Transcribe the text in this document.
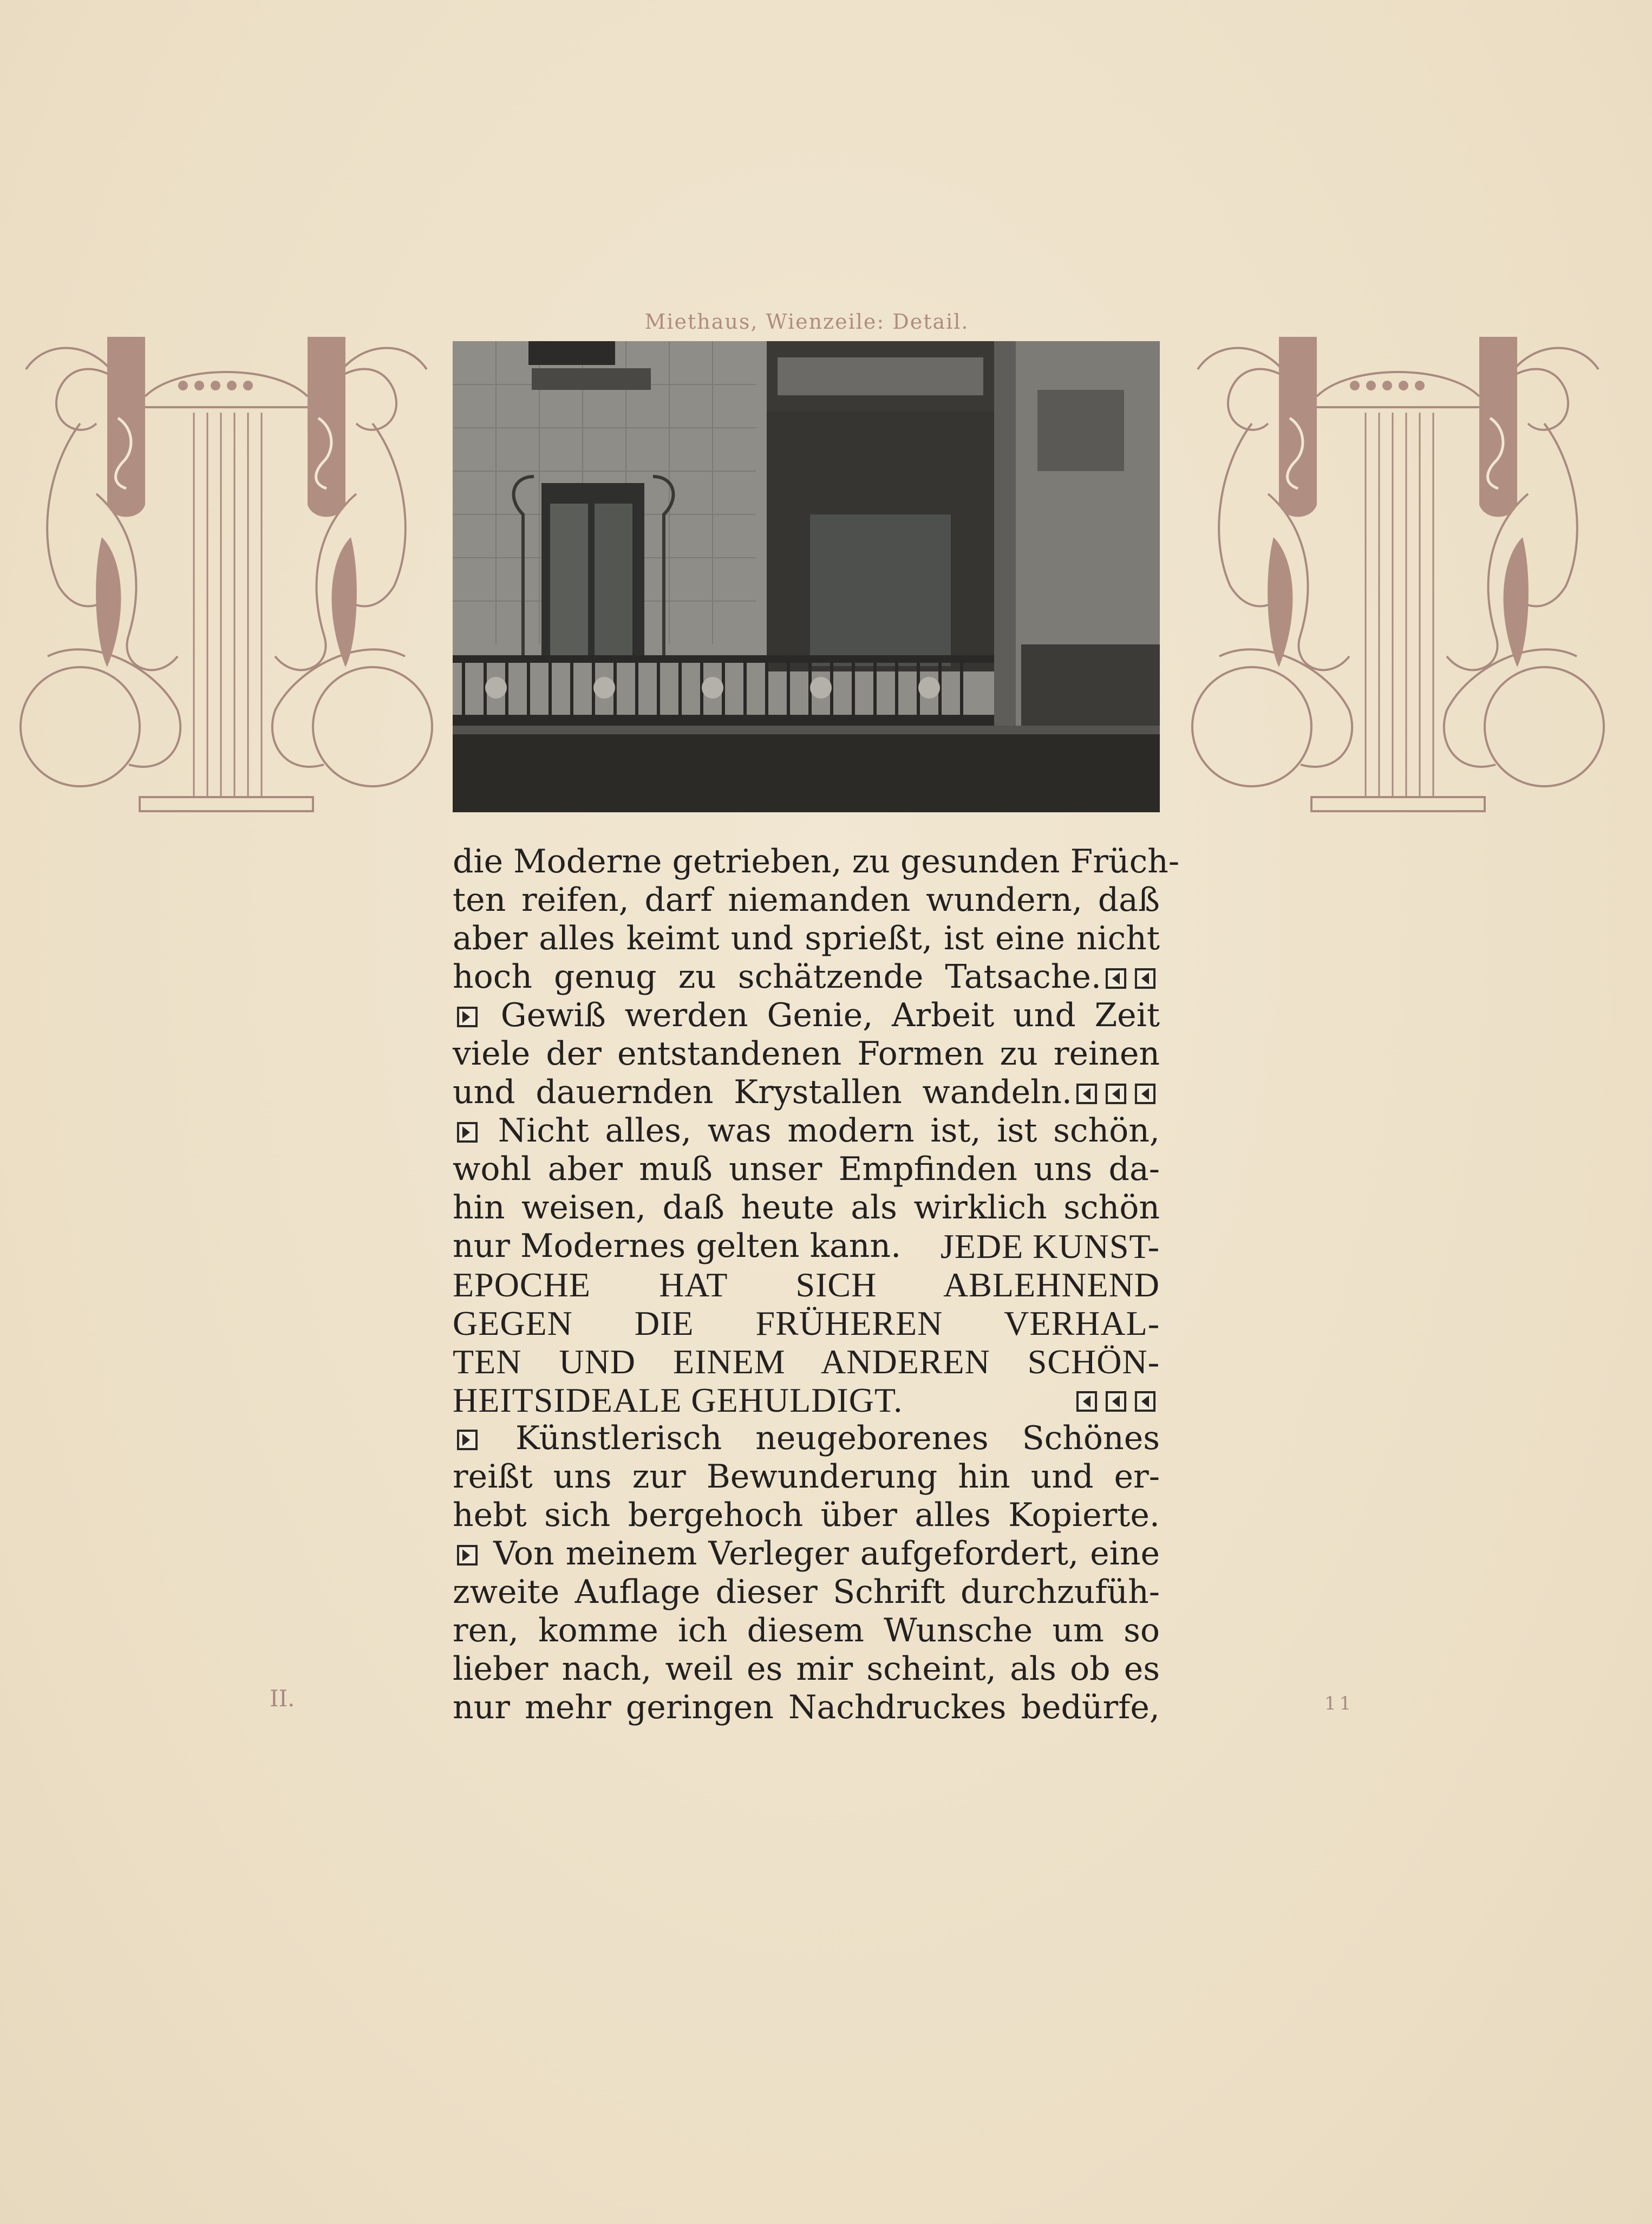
Miethaus, Wienzeile: Detail.
die Moderne getrieben, zu gesunden Früch-
ten reifen, darf niemanden wundern, daß
aber alles keimt und sprießt, ist eine nicht
hoch genug zu schätzende Tatsache.
Gewiß werden Genie, Arbeit und Zeit
viele der entstandenen Formen zu reinen
und dauernden Krystallen wandeln.
Nicht alles, was modern ist, ist schön,
wohl aber muß unser Empfinden uns da-
hin weisen, daß heute als wirklich schön
nur Modernes gelten kann. JEDE KUNST-
EPOCHE HAT SICH ABLEHNEND
GEGEN DIE FRÜHEREN VERHAL-
TEN UND EINEM ANDEREN SCHÖN-
HEITSIDEALE GEHULDIGT.
Künstlerisch neugeborenes Schönes
reißt uns zur Bewunderung hin und er-
hebt sich bergehoch über alles Kopierte.
Von meinem Verleger aufgefordert, eine
zweite Auflage dieser Schrift durchzufüh-
ren, komme ich diesem Wunsche um so
lieber nach, weil es mir scheint, als ob es
nur mehr geringen Nachdruckes bedürfe,
II.	11
